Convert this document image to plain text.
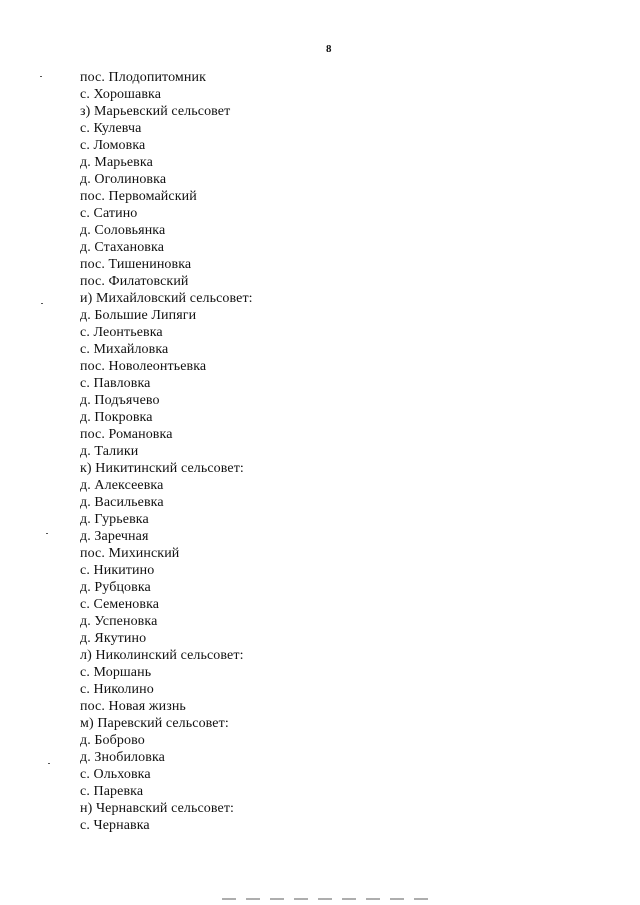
8
пос. Плодопитомник
с. Хорошавка
з) Марьевский сельсовет
с. Кулевча
с. Ломовка
д. Марьевка
д. Оголиновка
пос. Первомайский
с. Сатино
д. Соловьянка
д. Стахановка
пос. Тишениновка
пос. Филатовский
и) Михайловский сельсовет:
д. Большие Липяги
с. Леонтьевка
с. Михайловка
пос. Новолеонтьевка
с. Павловка
д. Подъячево
д. Покровка
пос. Романовка
д. Талики
к) Никитинский сельсовет:
д. Алексеевка
д. Васильевка
д. Гурьевка
д. Заречная
пос. Михинский
с. Никитино
д. Рубцовка
с. Семеновка
д. Успеновка
д. Якутино
л) Николинский сельсовет:
с. Моршань
с. Николино
пос. Новая жизнь
м) Паревский сельсовет:
д. Боброво
д. Знобиловка
с. Ольховка
с. Паревка
н) Чернавский сельсовет:
с. Чернавка
